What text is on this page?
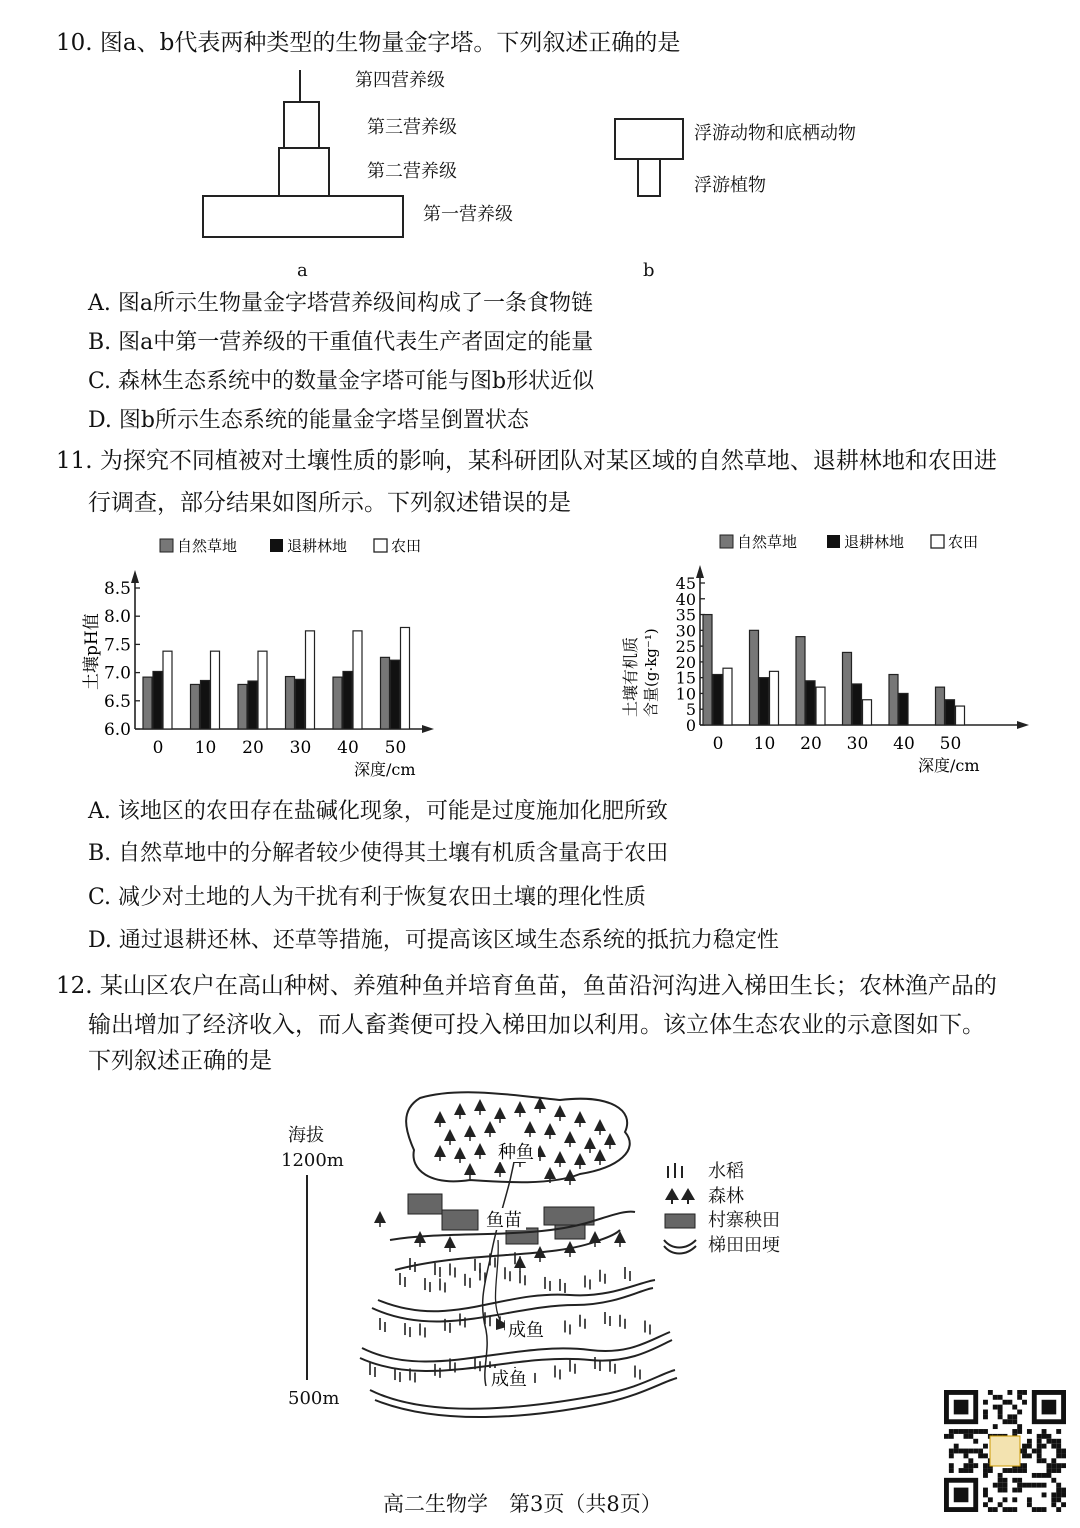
10. 图a、b代表两种类型的生物量金字塔。下列叙述正确的是
第四营养级
第三营养级
第二营养级
第一营养级
a
浮游动物和底栖动物
浮游植物
b
A. 图a所示生物量金字塔营养级间构成了一条食物链
B. 图a中第一营养级的干重值代表生产者固定的能量
C. 森林生态系统中的数量金字塔可能与图b形状近似
D. 图b所示生态系统的能量金字塔呈倒置状态
11. 为探究不同植被对土壤性质的影响，某科研团队对某区域的自然草地、退耕林地和农田进
行调查，部分结果如图所示。下列叙述错误的是
自然草地	退耕林地	农田
6.0
6.5
7.0
7.5
8.0
8.5
0 10 20 30 40 50
土壤pH值
深度/cm
自然草地	退耕林地	农田
0
5
10
15
20
25
30
35
40
45
0 10 20 30 40 50
土壤有机质 含量(g·kg⁻¹)
深度/cm
A. 该地区的农田存在盐碱化现象，可能是过度施加化肥所致
B. 自然草地中的分解者较少使得其土壤有机质含量高于农田
C. 减少对土地的人为干扰有利于恢复农田土壤的理化性质
D. 通过退耕还林、还草等措施，可提高该区域生态系统的抵抗力稳定性
12. 某山区农户在高山种树、养殖种鱼并培育鱼苗，鱼苗沿河沟进入梯田生长；农林渔产品的
输出增加了经济收入，而人畜粪便可投入梯田加以利用。该立体生态农业的示意图如下。
下列叙述正确的是
海拔
1200m
500m
种鱼
鱼苗
成鱼
成鱼
水稻
森林
村寨秧田
梯田田埂
高二生物学　第3页（共8页）
